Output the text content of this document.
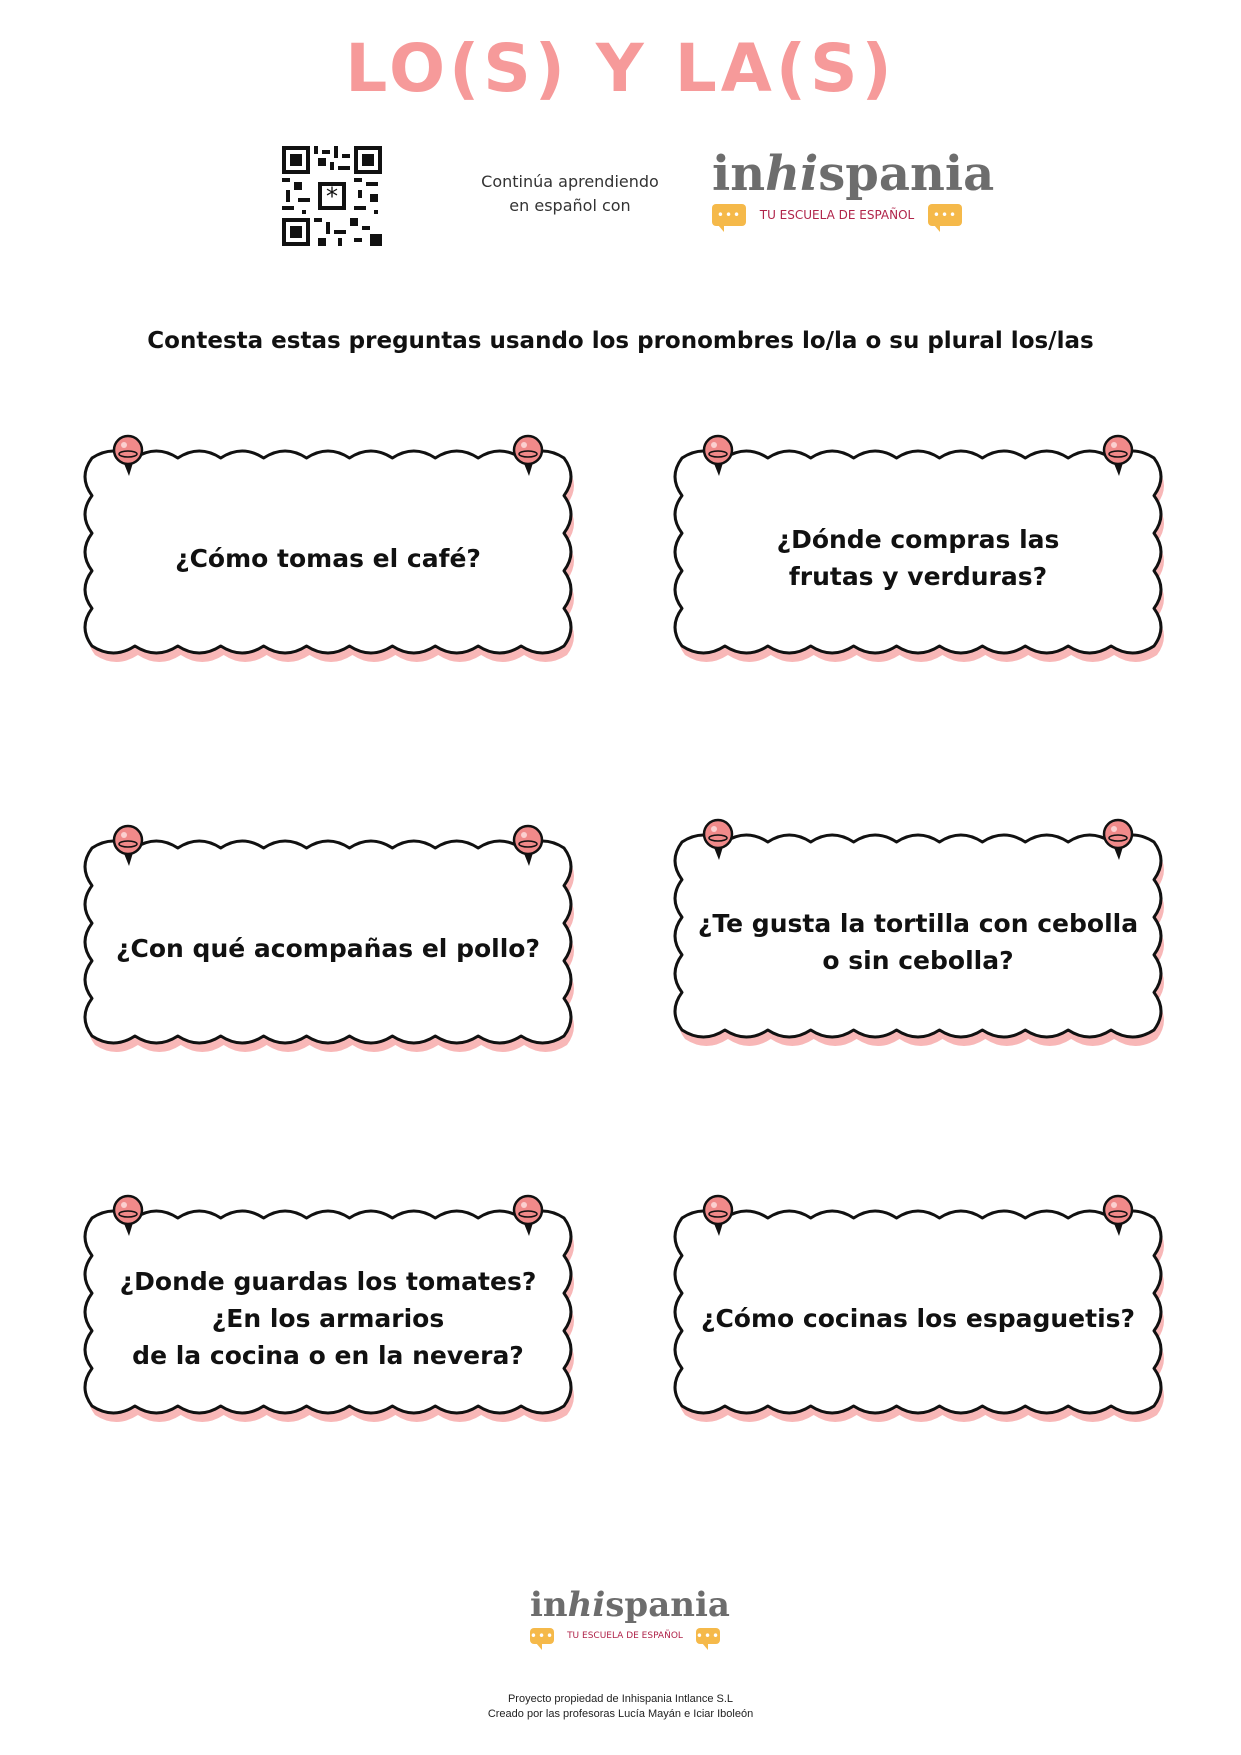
LO(S) Y LA(S)
*
Continúa aprendiendo
en español con
inhispania
••• TU ESCUELA DE ESPAÑOL •••
Contesta estas preguntas usando los pronombres lo/la o su plural los/las
¿Cómo tomas el café?
¿Dónde compras las
frutas y verduras?
¿Con qué acompañas el pollo?
¿Te gusta la tortilla con cebolla
o sin cebolla?
¿Donde guardas los tomates?
¿En los armarios
de la cocina o en la nevera?
¿Cómo cocinas los espaguetis?
inhispania
••• TU ESCUELA DE ESPAÑOL •••
Proyecto propiedad de Inhispania Intlance S.L
Creado por las profesoras Lucía Mayán e Iciar Iboleón
